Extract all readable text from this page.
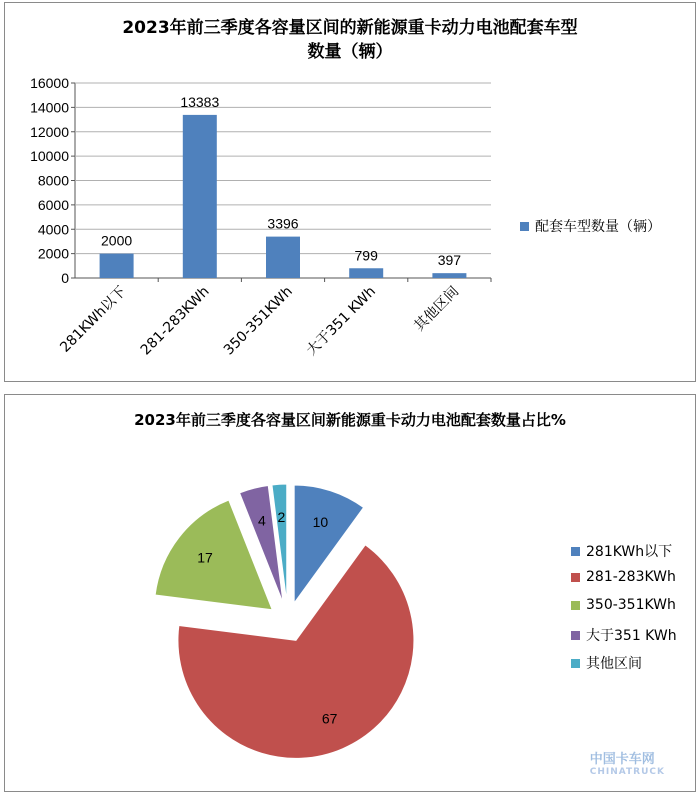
2023年前三季度各容量区间的新能源重卡动力电池配套车型
数量（辆）
0
2000
4000
6000
8000
10000
12000
14000
16000
2000
281KWh以下
13383
281-283KWh
3396
350-351KWh
799
大于351 KWh
397
其他区间
配套车型数量（辆）
2023年前三季度各容量区间新能源重卡动力电池配套数量占比%
10
67
17
4 2
281KWh以下
281-283KWh
350-351KWh
大于351 KWh
其他区间
中国卡车网
CHINATRUCK
